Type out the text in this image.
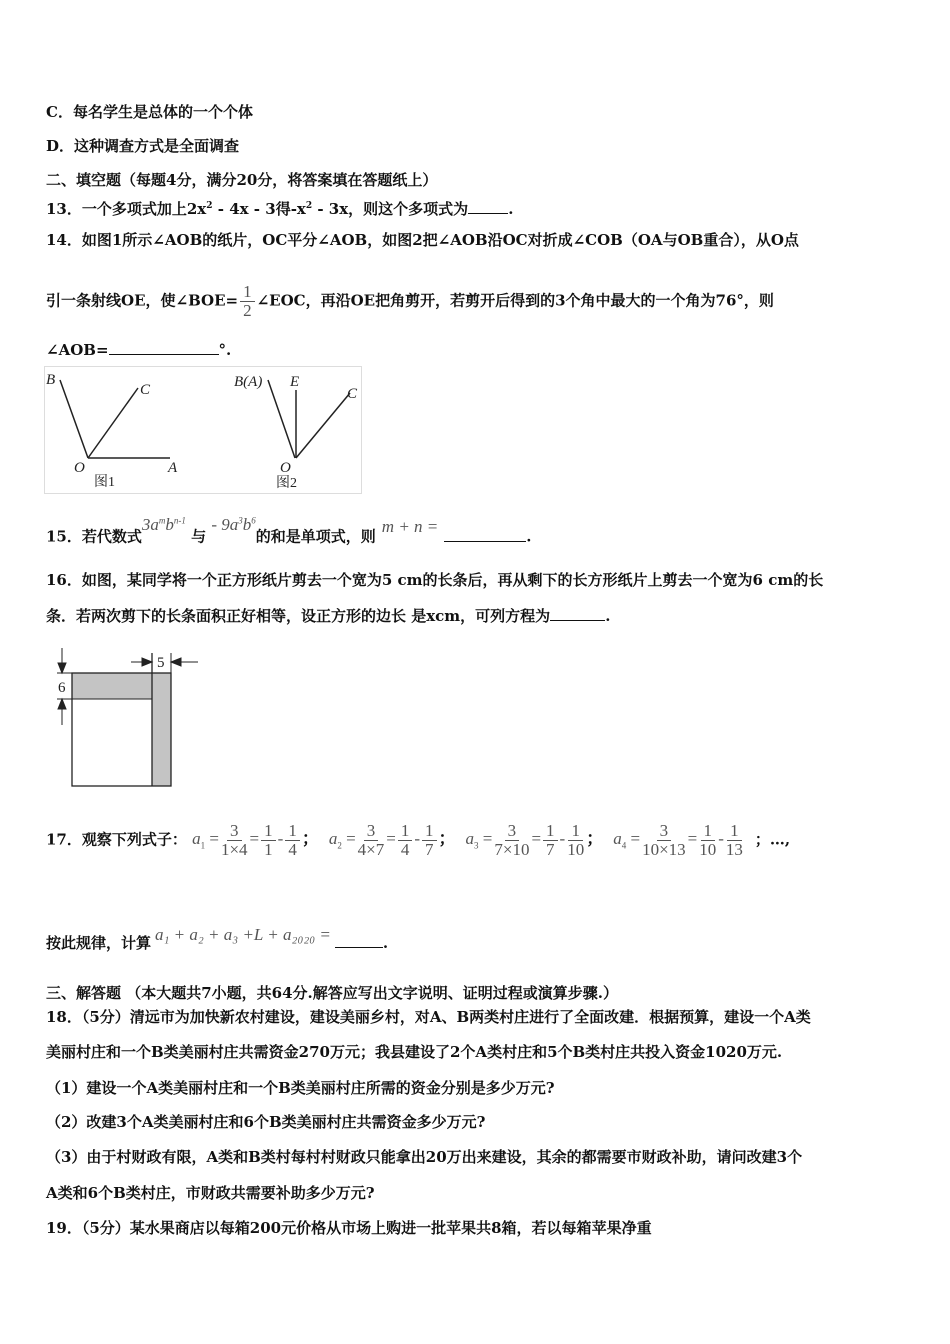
C．每名学生是总体的一个个体
D．这种调查方式是全面调查
二、填空题（每题4分，满分20分，将答案填在答题纸上）
13．一个多项式加上$2x^2 - 4x - 3$得$-x^2 - 3x$，则这个多项式为	.
14．如图1所示∠AOB的纸片，OC平分∠AOB，如图2把∠AOB沿OC对折成∠COB（OA与OB重合），从O点
引一条射线OE，使∠BOE= $\frac{1}{2}$ ∠EOC，再沿OE把角剪开，若剪开后得到的3个角中最大的一个角为76°，则
∠AOB=	°.
B
C
O	A
图1
B(A) E
C
O
图2
15．若代数式$3a^mb^{n-1}$ 与 - $9a^3b^6$的和是单项式，则m + n =.
16．如图，某同学将一个正方形纸片剪去一个宽为5 cm的长条后，再从剩下的长方形纸片上剪去一个宽为6 cm的长
条．若两次剪下的长条面积正好相等，设正方形的边长 是xcm，可列方程为	.
6
5
17．观察下列式子： $a_1 = \frac{3}{1\times 4} = \frac{1}{1} - \frac{1}{4}$ ； $a_2 = \frac{3}{4\times 7} = \frac{1}{4} - \frac{1}{7}$ ； $a_3 = \frac{3}{7\times 10} = \frac{1}{7} - \frac{1}{10}$ ； $a_4 = \frac{3}{10\times 13} = \frac{1}{10} - \frac{1}{13}$ ；…,
按此规律，计算 a₁ + a₂ + a₃ +L + a₂₀₂₀ =	.
三、解答题 （本大题共7小题，共64分.解答应写出文字说明、证明过程或演算步骤.）
18．（5分）清远市为加快新农村建设，建设美丽乡村，对A、B两类村庄进行了全面改建．根据预算，建设一个A类
美丽村庄和一个B类美丽村庄共需资金270万元；我县建设了2个A类村庄和5个B类村庄共投入资金1020万元.
（1）建设一个A类美丽村庄和一个B类美丽村庄所需的资金分别是多少万元?
（2）改建3个A类美丽村庄和6个B类美丽村庄共需资金多少万元?
（3）由于村财政有限，A类和B类村每村村财政只能拿出20万出来建设，其余的都需要市财政补助，请问改建3个
A类和6个B类村庄，市财政共需要补助多少万元?
19．（5分）某水果商店以每箱200元价格从市场上购进一批苹果共8箱，若以每箱苹果净重
